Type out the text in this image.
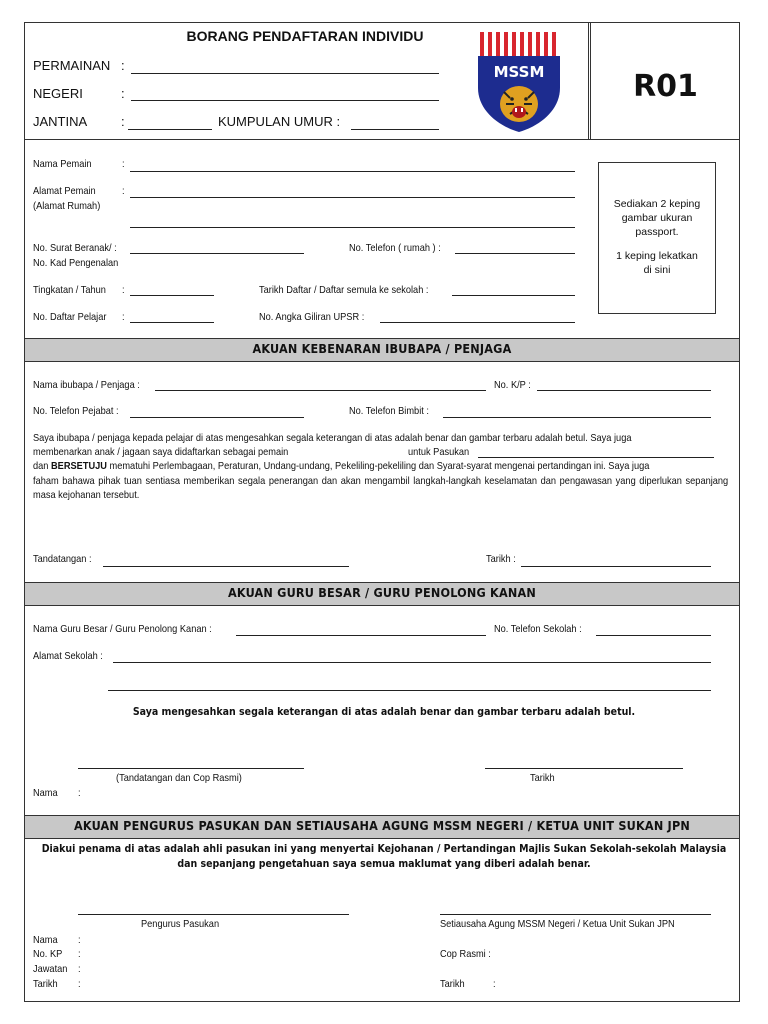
BORANG PENDAFTARAN INDIVIDU
PERMAINAN :
NEGERI	:
JANTINA	:	KUMPULAN UMUR :
MSSM	R01
Nama Pemain	:
Alamat Pemain	:
(Alamat Rumah)
No. Surat Beranak/ :
No. Kad Pengenalan
No. Telefon ( rumah ) :
Tingkatan / Tahun :	Tarikh Daftar / Daftar semula ke sekolah :
No. Daftar Pelajar :	No. Angka Giliran UPSR :
Sediakan 2 keping gambar ukuran passport.
1 keping lekatkan di sini
AKUAN KEBENARAN IBUBAPA / PENJAGA
Nama ibubapa / Penjaga :	No. K/P :
No. Telefon Pejabat :	No. Telefon Bimbit :
Saya ibubapa / penjaga kepada pelajar di atas mengesahkan segala keterangan di atas adalah benar dan gambar terbaru adalah betul. Saya juga
membenarkan anak / jagaan saya didaftarkan sebagai pemain	untuk Pasukan
dan BERSETUJU mematuhi Perlembagaan, Peraturan, Undang-undang, Pekeliling-pekeliling dan Syarat-syarat mengenai pertandingan ini. Saya juga
faham bahawa pihak tuan sentiasa memberikan segala penerangan dan akan mengambil langkah-langkah keselamatan dan pengawasan yang diperlukan sepanjang masa kejohanan tersebut.
Tandatangan :	Tarikh :
AKUAN GURU BESAR / GURU PENOLONG KANAN
Nama Guru Besar / Guru Penolong Kanan :	No. Telefon Sekolah :
Alamat Sekolah :
Saya mengesahkan segala keterangan di atas adalah benar dan gambar terbaru adalah betul.
(Tandatangan dan Cop Rasmi)	Tarikh
Nama :
AKUAN PENGURUS PASUKAN DAN SETIAUSAHA AGUNG MSSM NEGERI / KETUA UNIT SUKAN JPN
Diakui penama di atas adalah ahli pasukan ini yang menyertai Kejohanan / Pertandingan Majlis Sukan Sekolah-sekolah Malaysia
dan sepanjang pengetahuan saya semua maklumat yang diberi adalah benar.
Pengurus Pasukan	Setiausaha Agung MSSM Negeri / Ketua Unit Sukan JPN
Nama :
No. KP :
Jawatan :
Tarikh :
Cop Rasmi :
Tarikh	:
